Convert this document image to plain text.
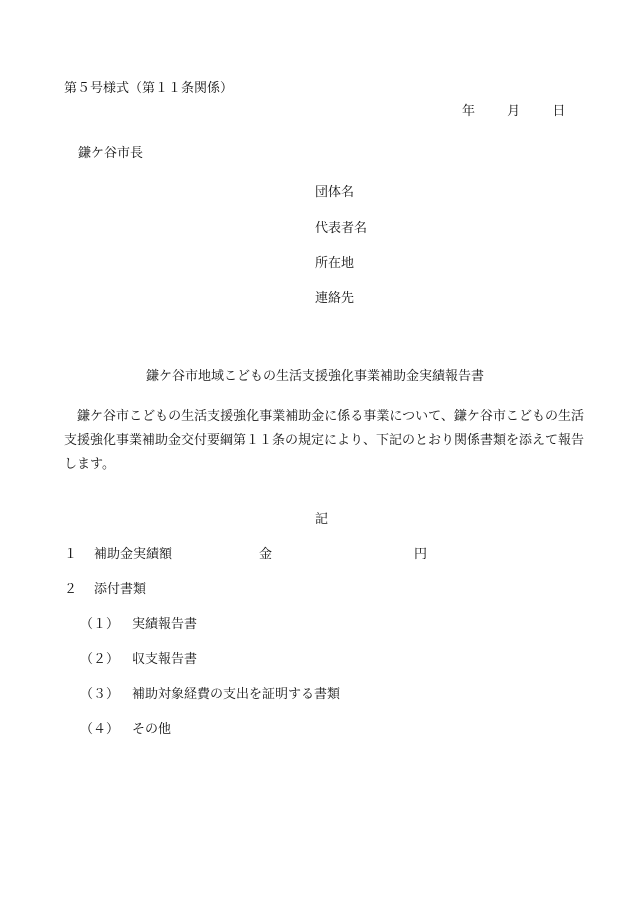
第５号様式（第１１条関係）
年 月 日
鎌ケ谷市長
団体名
代表者名
所在地
連絡先
鎌ケ谷市地域こどもの生活支援強化事業補助金実績報告書
　鎌ケ谷市こどもの生活支援強化事業補助金に係る事業について、鎌ケ谷市こどもの生活支援強化事業補助金交付要綱第１１条の規定により、下記のとおり関係書類を添えて報告します。
記
１ 補助金実績額	金	円
２ 添付書類
（１） 実績報告書
（２） 収支報告書
（３） 補助対象経費の支出を証明する書類
（４） その他
